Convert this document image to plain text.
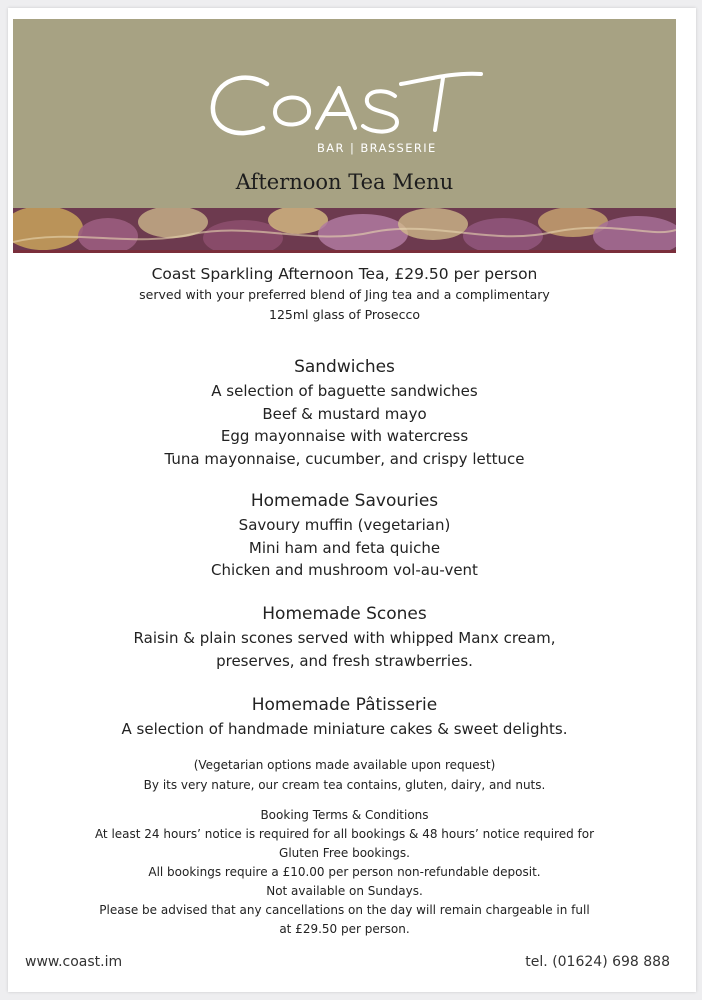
BAR | BRASSERIE
Afternoon Tea Menu
Coast Sparkling Afternoon Tea, £29.50 per person
served with your preferred blend of Jing tea and a complimentary
125ml glass of Prosecco
Sandwiches
A selection of baguette sandwiches
Beef & mustard mayo
Egg mayonnaise with watercress
Tuna mayonnaise, cucumber, and crispy lettuce
Homemade Savouries
Savoury muffin (vegetarian)
Mini ham and feta quiche
Chicken and mushroom vol-au-vent
Homemade Scones
Raisin & plain scones served with whipped Manx cream,
preserves, and fresh strawberries.
Homemade Pâtisserie
A selection of handmade miniature cakes & sweet delights.
(Vegetarian options made available upon request)
By its very nature, our cream tea contains, gluten, dairy, and nuts.
Booking Terms & Conditions
At least 24 hours’ notice is required for all bookings & 48 hours’ notice required for
Gluten Free bookings.
All bookings require a £10.00 per person non-refundable deposit.
Not available on Sundays.
Please be advised that any cancellations on the day will remain chargeable in full
at £29.50 per person.
www.coast.im	tel. (01624) 698 888
